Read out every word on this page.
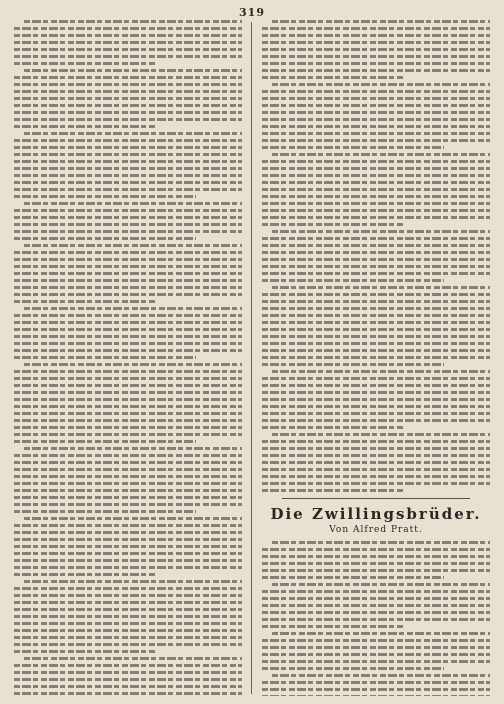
319
Die Zwillingsbrüder.
Von Alfred Pratt.
